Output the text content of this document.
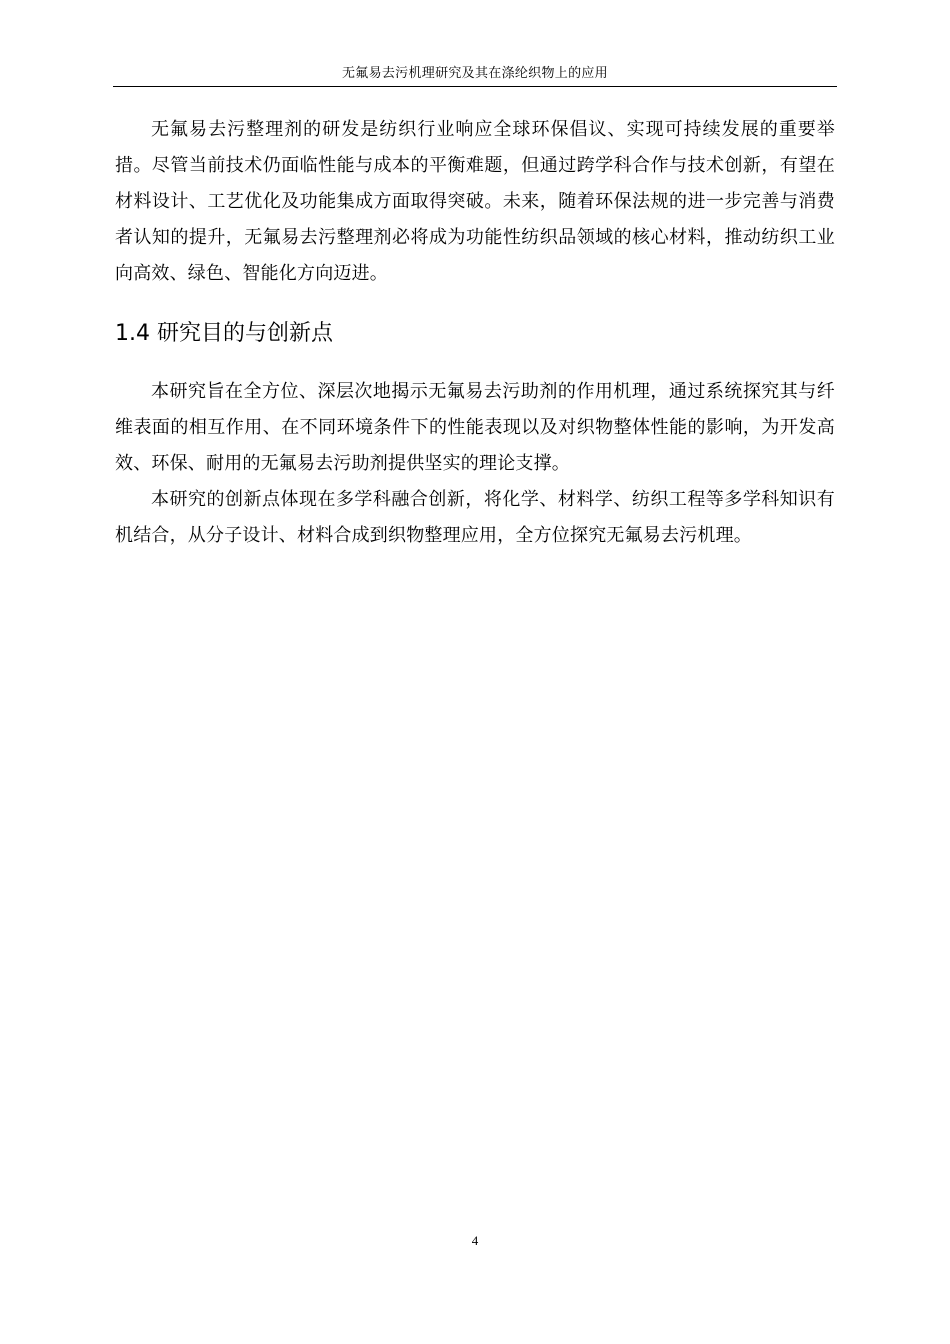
无氟易去污机理研究及其在涤纶织物上的应用

无氟易去污整理剂的研发是纺织行业响应全球环保倡议、实现可持续发展的重要举措。尽管当前技术仍面临性能与成本的平衡难题，但通过跨学科合作与技术创新，有望在材料设计、工艺优化及功能集成方面取得突破。未来，随着环保法规的进一步完善与消费者认知的提升，无氟易去污整理剂必将成为功能性纺织品领域的核心材料，推动纺织工业向高效、绿色、智能化方向迈进。

1.4 研究目的与创新点

本研究旨在全方位、深层次地揭示无氟易去污助剂的作用机理，通过系统探究其与纤维表面的相互作用、在不同环境条件下的性能表现以及对织物整体性能的影响，为开发高效、环保、耐用的无氟易去污助剂提供坚实的理论支撑。

本研究的创新点体现在多学科融合创新，将化学、材料学、纺织工程等多学科知识有机结合，从分子设计、材料合成到织物整理应用，全方位探究无氟易去污机理。

4
